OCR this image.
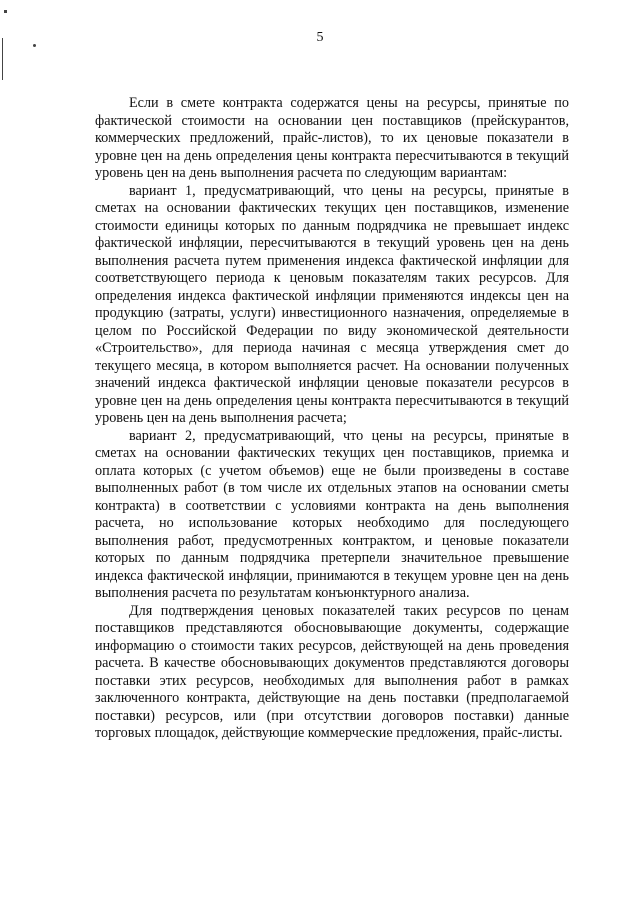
5

Если в смете контракта содержатся цены на ресурсы, принятые по фактической стоимости на основании цен поставщиков (прейскурантов, коммерческих предложений, прайс-листов), то их ценовые показатели в уровне цен на день определения цены контракта пересчитываются в текущий уровень цен на день выполнения расчета по следующим вариантам:

вариант 1, предусматривающий, что цены на ресурсы, принятые в сметах на основании фактических текущих цен поставщиков, изменение стоимости единицы которых по данным подрядчика не превышает индекс фактической инфляции, пересчитываются в текущий уровень цен на день выполнения расчета путем применения индекса фактической инфляции для соответствующего периода к ценовым показателям таких ресурсов. Для определения индекса фактической инфляции применяются индексы цен на продукцию (затраты, услуги) инвестиционного назначения, определяемые в целом по Российской Федерации по виду экономической деятельности «Строительство», для периода начиная с месяца утверждения смет до текущего месяца, в котором выполняется расчет. На основании полученных значений индекса фактической инфляции ценовые показатели ресурсов в уровне цен на день определения цены контракта пересчитываются в текущий уровень цен на день выполнения расчета;

вариант 2, предусматривающий, что цены на ресурсы, принятые в сметах на основании фактических текущих цен поставщиков, приемка и оплата которых (с учетом объемов) еще не были произведены в составе выполненных работ (в том числе их отдельных этапов на основании сметы контракта) в соответствии с условиями контракта на день выполнения расчета, но использование которых необходимо для последующего выполнения работ, предусмотренных контрактом, и ценовые показатели которых по данным подрядчика претерпели значительное превышение индекса фактической инфляции, принимаются в текущем уровне цен на день выполнения расчета по результатам конъюнктурного анализа.

Для подтверждения ценовых показателей таких ресурсов по ценам поставщиков представляются обосновывающие документы, содержащие информацию о стоимости таких ресурсов, действующей на день проведения расчета. В качестве обосновывающих документов представляются договоры поставки этих ресурсов, необходимых для выполнения работ в рамках заключенного контракта, действующие на день поставки (предполагаемой поставки) ресурсов, или (при отсутствии договоров поставки) данные торговых площадок, действующие коммерческие предложения, прайс-листы.
